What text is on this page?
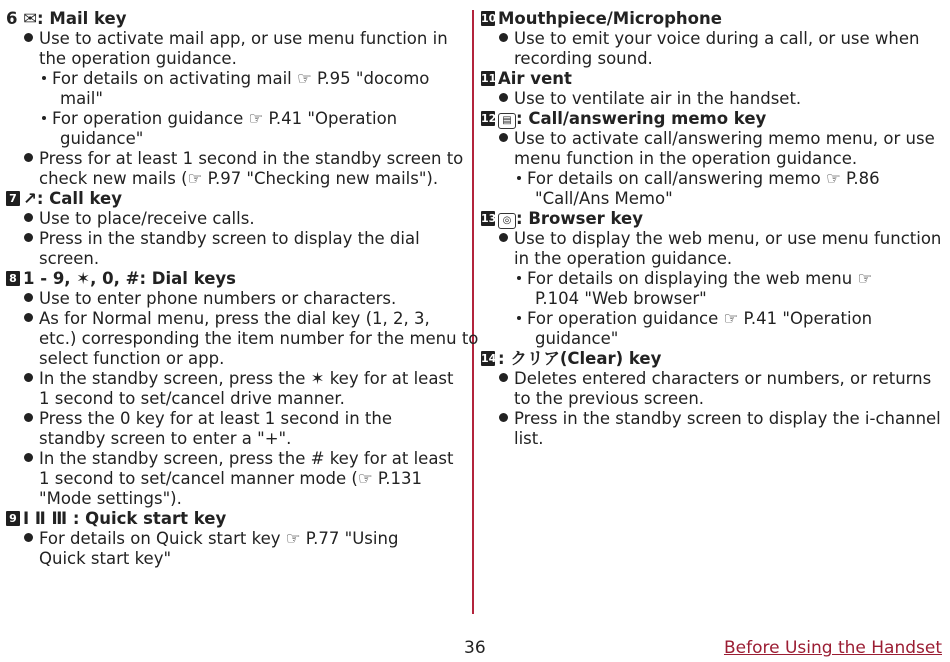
6 ✉: Mail key
Use to activate mail app, or use menu function in
the operation guidance.
For details on activating mail ☞ P.95 "docomo
mail"
For operation guidance ☞ P.41 "Operation
guidance"
Press for at least 1 second in the standby screen to
check new mails (☞ P.97 "Checking new mails").
7 ↗: Call key
Use to place/receive calls.
Press in the standby screen to display the dial
screen.
8 1 - 9, ✶, 0, #: Dial keys
Use to enter phone numbers or characters.
As for Normal menu, press the dial key (1, 2, 3,
etc.) corresponding the item number for the menu to
select function or app.
In the standby screen, press the ✶ key for at least
1 second to set/cancel drive manner.
Press the 0 key for at least 1 second in the
standby screen to enter a "+".
In the standby screen, press the # key for at least
1 second to set/cancel manner mode (☞ P.131
"Mode settings").
9 Ⅰ Ⅱ Ⅲ : Quick start key
For details on Quick start key ☞ P.77 "Using
Quick start key"
10 Mouthpiece/Microphone
Use to emit your voice during a call, or use when
recording sound.
11 Air vent
Use to ventilate air in the handset.
12 ▤ : Call/answering memo key
Use to activate call/answering memo menu, or use
menu function in the operation guidance.
For details on call/answering memo ☞ P.86
"Call/Ans Memo"
13 ◎ : Browser key
Use to display the web menu, or use menu function
in the operation guidance.
For details on displaying the web menu ☞
P.104 "Web browser"
For operation guidance ☞ P.41 "Operation
guidance"
14 : クリア(Clear) key
Deletes entered characters or numbers, or returns
to the previous screen.
Press in the standby screen to display the i-channel
list.
36	Before Using the Handset
